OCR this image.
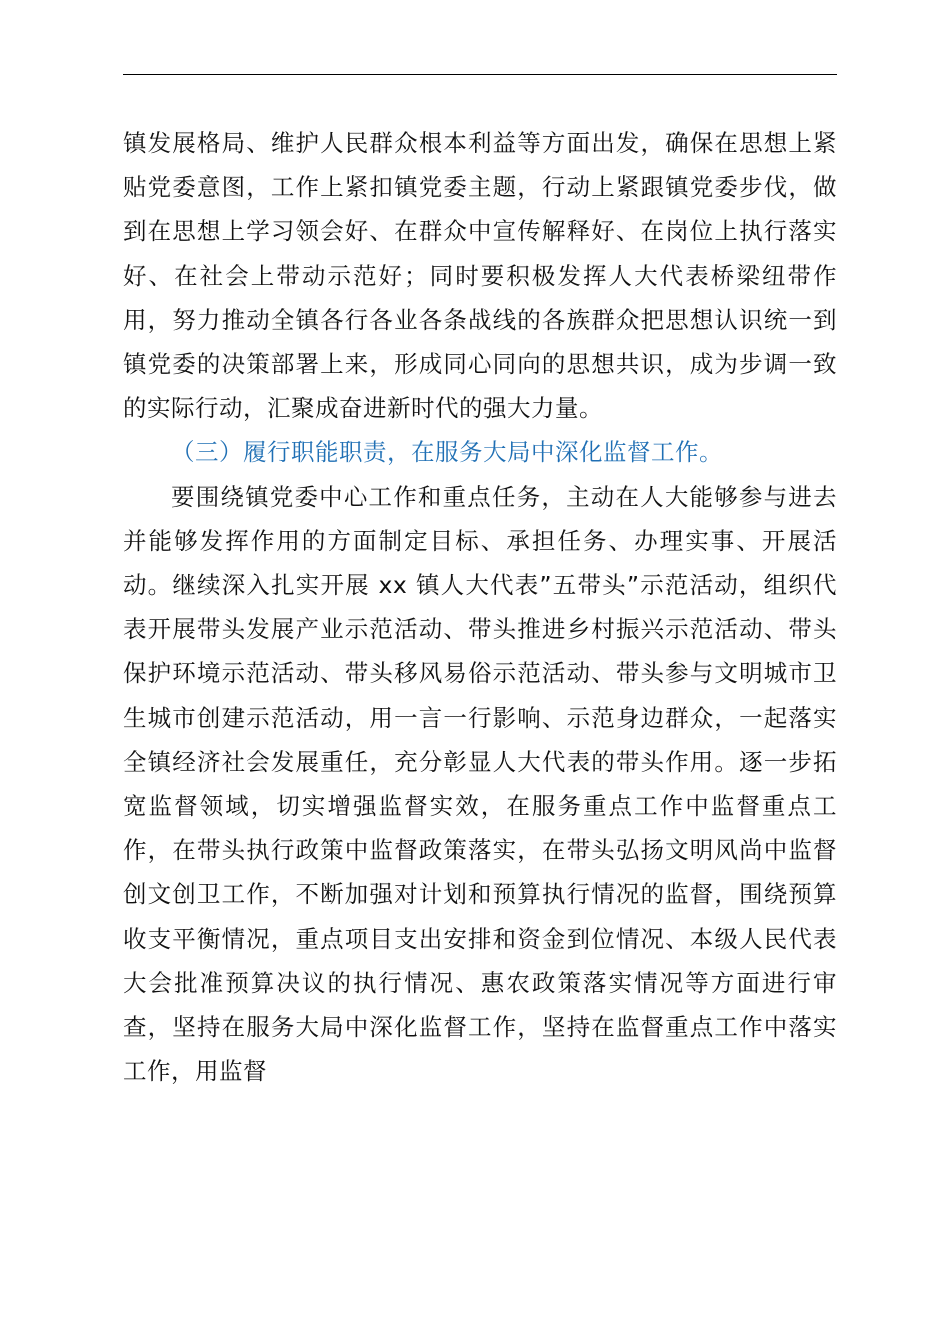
镇发展格局、维护人民群众根本利益等方面出发，确保在思想上紧贴党委意图，工作上紧扣镇党委主题，行动上紧跟镇党委步伐，做到在思想上学习领会好、在群众中宣传解释好、在岗位上执行落实好、在社会上带动示范好；同时要积极发挥人大代表桥梁纽带作用，努力推动全镇各行各业各条战线的各族群众把思想认识统一到镇党委的决策部署上来，形成同心同向的思想共识，成为步调一致的实际行动，汇聚成奋进新时代的强大力量。

（三）履行职能职责，在服务大局中深化监督工作。

要围绕镇党委中心工作和重点任务，主动在人大能够参与进去并能够发挥作用的方面制定目标、承担任务、办理实事、开展活动。继续深入扎实开展 xx 镇人大代表”五带头”示范活动，组织代表开展带头发展产业示范活动、带头推进乡村振兴示范活动、带头保护环境示范活动、带头移风易俗示范活动、带头参与文明城市卫生城市创建示范活动，用一言一行影响、示范身边群众，一起落实全镇经济社会发展重任，充分彰显人大代表的带头作用。逐一步拓宽监督领域，切实增强监督实效，在服务重点工作中监督重点工作，在带头执行政策中监督政策落实，在带头弘扬文明风尚中监督创文创卫工作，不断加强对计划和预算执行情况的监督，围绕预算收支平衡情况，重点项目支出安排和资金到位情况、本级人民代表大会批准预算决议的执行情况、惠农政策落实情况等方面进行审查，坚持在服务大局中深化监督工作，坚持在监督重点工作中落实工作，用监督
